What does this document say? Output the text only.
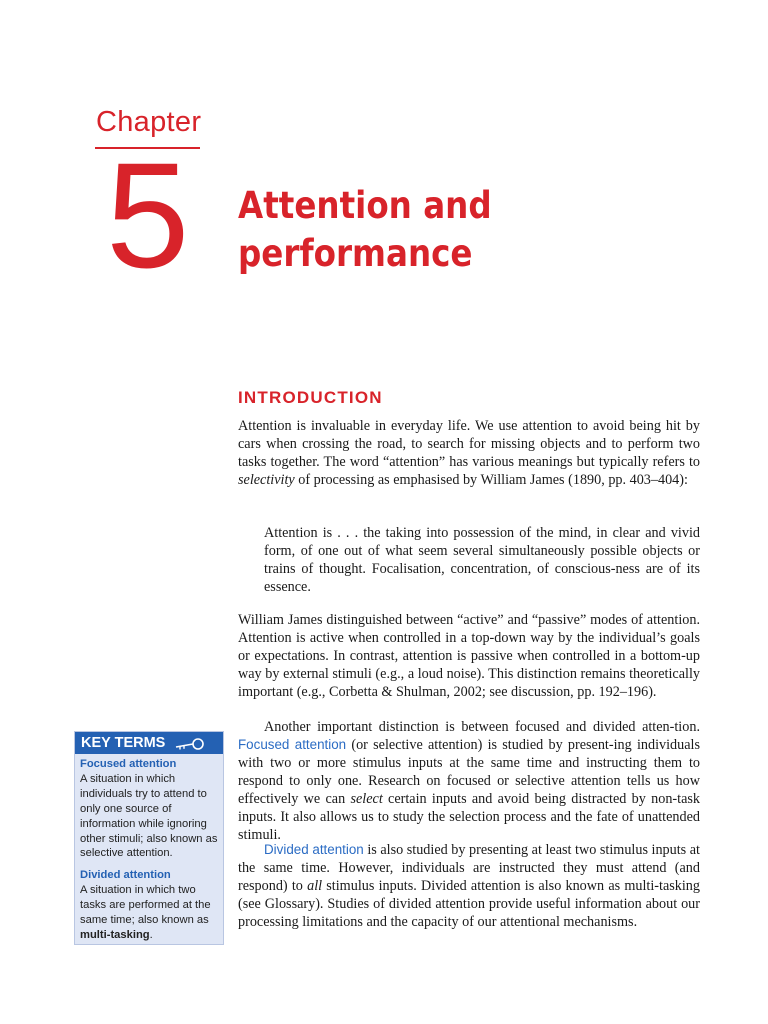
Chapter
5 Attention and
performance
INTRODUCTION
Attention is invaluable in everyday life. We use attention to avoid being hit by cars when crossing the road, to search for missing objects and to perform two tasks together. The word “attention” has various meanings but typically refers to selectivity of processing as emphasised by William James (1890, pp. 403–404):
Attention is . . . the taking into possession of the mind, in clear and vivid form, of one out of what seem several simultaneously possible objects or trains of thought. Focalisation, concentration, of conscious-ness are of its essence.
William James distinguished between “active” and “passive” modes of attention. Attention is active when controlled in a top-down way by the individual’s goals or expectations. In contrast, attention is passive when controlled in a bottom-up way by external stimuli (e.g., a loud noise). This distinction remains theoretically important (e.g., Corbetta & Shulman, 2002; see discussion, pp. 192–196).
Another important distinction is between focused and divided atten-tion. Focused attention (or selective attention) is studied by present-ing individuals with two or more stimulus inputs at the same time and instructing them to respond to only one. Research on focused or selective attention tells us how effectively we can select certain inputs and avoid being distracted by non-task inputs. It also allows us to study the selection process and the fate of unattended stimuli.
Divided attention is also studied by presenting at least two stimulus inputs at the same time. However, individuals are instructed they must attend (and respond) to all stimulus inputs. Divided attention is also known as multi-tasking (see Glossary). Studies of divided attention provide useful information about our processing limitations and the capacity of our attentional mechanisms.
KEY TERMS
Focused attention
A situation in which individuals try to attend to only one source of information while ignoring other stimuli; also known as selective attention.
Divided attention
A situation in which two tasks are performed at the same time; also known as multi-tasking.
